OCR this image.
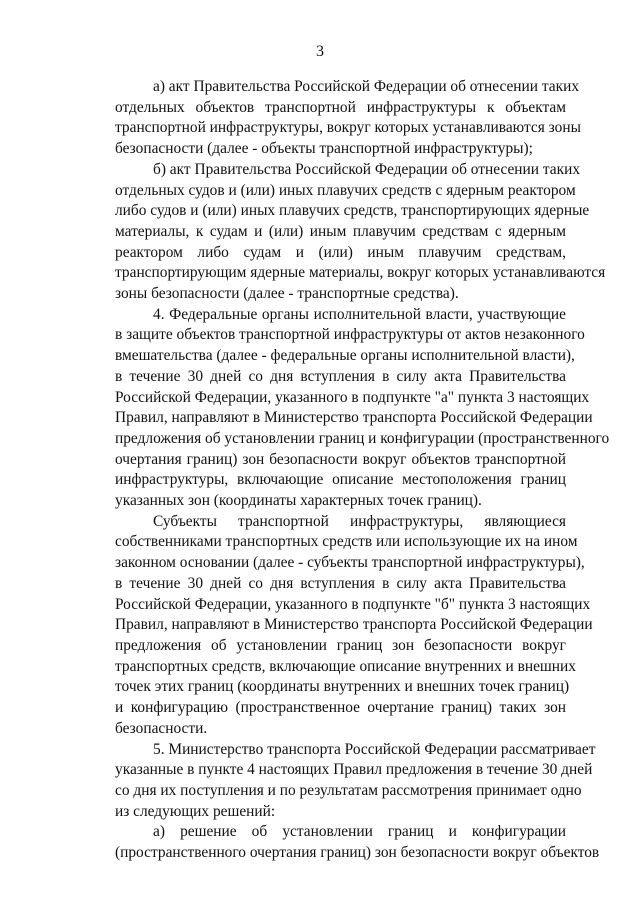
3
а) акт Правительства Российской Федерации об отнесении таких
отдельных объектов транспортной инфраструктуры к объектам
транспортной инфраструктуры, вокруг которых устанавливаются зоны
безопасности (далее - объекты транспортной инфраструктуры);
б) акт Правительства Российской Федерации об отнесении таких
отдельных судов и (или) иных плавучих средств с ядерным реактором
либо судов и (или) иных плавучих средств, транспортирующих ядерные
материалы, к судам и (или) иным плавучим средствам с ядерным
реактором либо судам и (или) иным плавучим средствам,
транспортирующим ядерные материалы, вокруг которых устанавливаются
зоны безопасности (далее - транспортные средства).
4. Федеральные органы исполнительной власти, участвующие
в защите объектов транспортной инфраструктуры от актов незаконного
вмешательства (далее - федеральные органы исполнительной власти),
в течение 30 дней со дня вступления в силу акта Правительства
Российской Федерации, указанного в подпункте "а" пункта 3 настоящих
Правил, направляют в Министерство транспорта Российской Федерации
предложения об установлении границ и конфигурации (пространственного
очертания границ) зон безопасности вокруг объектов транспортной
инфраструктуры, включающие описание местоположения границ
указанных зон (координаты характерных точек границ).
Субъекты транспортной инфраструктуры, являющиеся
собственниками транспортных средств или использующие их на ином
законном основании (далее - субъекты транспортной инфраструктуры),
в течение 30 дней со дня вступления в силу акта Правительства
Российской Федерации, указанного в подпункте "б" пункта 3 настоящих
Правил, направляют в Министерство транспорта Российской Федерации
предложения об установлении границ зон безопасности вокруг
транспортных средств, включающие описание внутренних и внешних
точек этих границ (координаты внутренних и внешних точек границ)
и конфигурацию (пространственное очертание границ) таких зон
безопасности.
5. Министерство транспорта Российской Федерации рассматривает
указанные в пункте 4 настоящих Правил предложения в течение 30 дней
со дня их поступления и по результатам рассмотрения принимает одно
из следующих решений:
а) решение об установлении границ и конфигурации
(пространственного очертания границ) зон безопасности вокруг объектов
